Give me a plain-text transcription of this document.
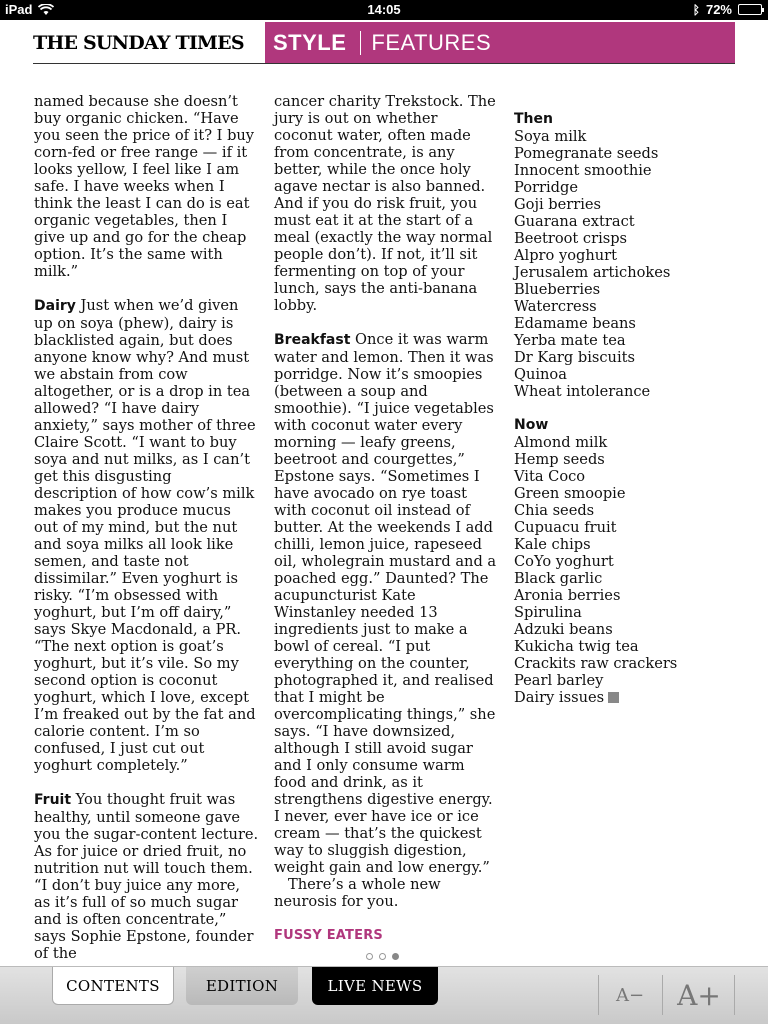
iPad	14:05	ᛒ 72%
THE SUNDAY TIMES	STYLE FEATURES

named because she doesn’t buy organic chicken. “Have you seen the price of it? I buy corn-fed or free range — if it looks yellow, I feel like I am safe. I have weeks when I think the least I can do is eat organic vegetables, then I give up and go for the cheap option. It’s the same with milk.”

Dairy Just when we’d given up on soya (phew), dairy is blacklisted again, but does anyone know why? And must we abstain from cow altogether, or is a drop in tea allowed? “I have dairy anxiety,” says mother of three Claire Scott. “I want to buy soya and nut milks, as I can’t get this disgusting description of how cow’s milk makes you produce mucus out of my mind, but the nut and soya milks all look like semen, and taste not dissimilar.” Even yoghurt is risky. “I’m obsessed with yoghurt, but I’m off dairy,” says Skye Macdonald, a PR. “The next option is goat’s yoghurt, but it’s vile. So my second option is coconut yoghurt, which I love, except I’m freaked out by the fat and calorie content. I’m so confused, I just cut out yoghurt completely.”

Fruit You thought fruit was healthy, until someone gave you the sugar-content lecture. As for juice or dried fruit, no nutrition nut will touch them. “I don’t buy juice any more, as it’s full of so much sugar and is often concentrate,” says Sophie Epstone, founder of the

cancer charity Trekstock. The jury is out on whether coconut water, often made from concentrate, is any better, while the once holy agave nectar is also banned. And if you do risk fruit, you must eat it at the start of a meal (exactly the way normal people don’t). If not, it’ll sit fermenting on top of your lunch, says the anti-banana lobby.

Breakfast Once it was warm water and lemon. Then it was porridge. Now it’s smoopies (between a soup and smoothie). “I juice vegetables with coconut water every morning — leafy greens, beetroot and courgettes,” Epstone says. “Sometimes I have avocado on rye toast with coconut oil instead of butter. At the weekends I add chilli, lemon juice, rapeseed oil, wholegrain mustard and a poached egg.” Daunted? The acupuncturist Kate Winstanley needed 13 ingredients just to make a bowl of cereal. “I put everything on the counter, photographed it, and realised that I might be overcomplicating things,” she says. “I have downsized, although I still avoid sugar and I only consume warm food and drink, as it strengthens digestive energy. I never, ever have ice or ice cream — that’s the quickest way to sluggish digestion, weight gain and low energy.”

There’s a whole new neurosis for you.

FUSSY EATERS
Then
Soya milk
Pomegranate seeds
Innocent smoothie
Porridge
Goji berries
Guarana extract
Beetroot crisps
Alpro yoghurt
Jerusalem artichokes
Blueberries
Watercress
Edamame beans
Yerba mate tea
Dr Karg biscuits
Quinoa
Wheat intolerance
Now
Almond milk
Hemp seeds
Vita Coco
Green smoopie
Chia seeds
Cupuacu fruit
Kale chips
CoYo yoghurt
Black garlic
Aronia berries
Spirulina
Adzuki beans
Kukicha twig tea
Crackits raw crackers
Pearl barley
Dairy issues
CONTENTS	EDITION	LIVE NEWS	A− A+
